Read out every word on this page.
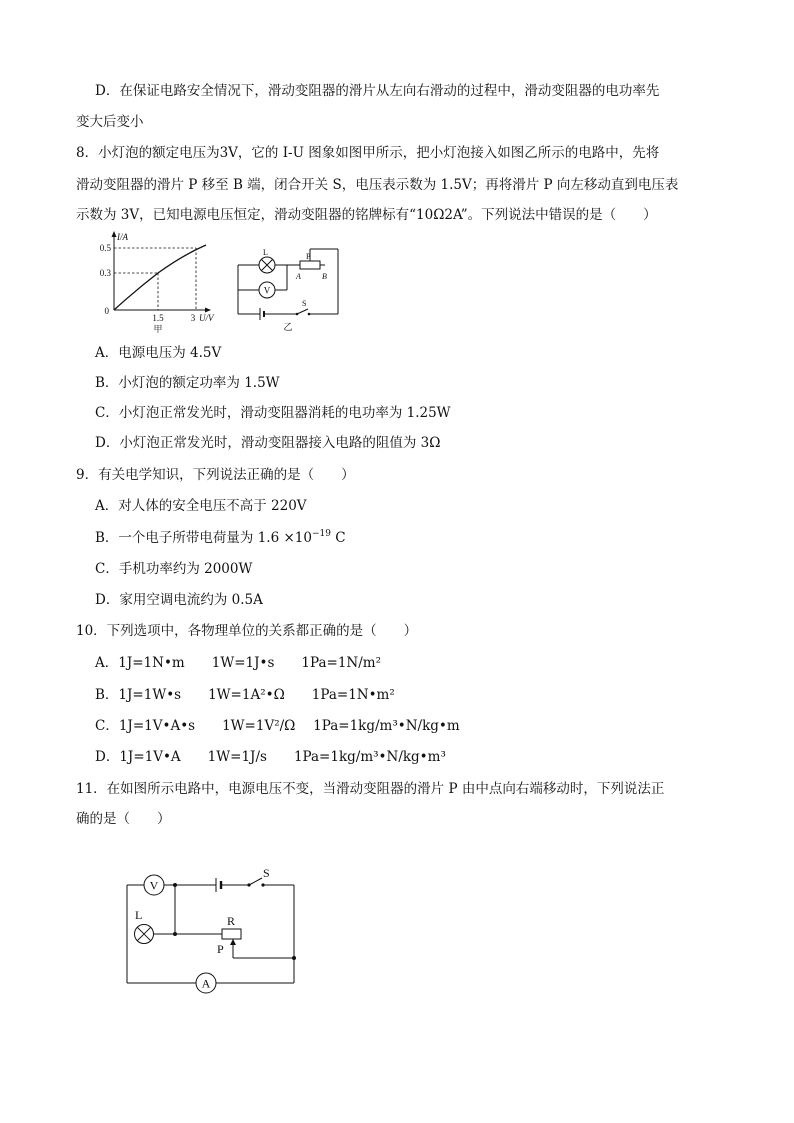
D．在保证电路安全情况下，滑动变阻器的滑片从左向右滑动的过程中，滑动变阻器的电功率先
变大后变小
8．小灯泡的额定电压为3V，它的 I-U 图象如图甲所示，把小灯泡接入如图乙所示的电路中，先将
滑动变阻器的滑片 P 移至 B 端，闭合开关 S，电压表示数为 1.5V；再将滑片 P 向左移动直到电压表
示数为 3V，已知电源电压恒定，滑动变阻器的铭牌标有“10Ω2A”。下列说法中错误的是（　　）
I/A
0.5
0.3
0
1.5	3 U/V
甲
L	P
A	B
V
S
乙
A．电源电压为 4.5V
B．小灯泡的额定功率为 1.5W
C．小灯泡正常发光时，滑动变阻器消耗的电功率为 1.25W
D．小灯泡正常发光时，滑动变阻器接入电路的阻值为 3Ω
9．有关电学知识，下列说法正确的是（　　）
A．对人体的安全电压不高于 220V
B．一个电子所带电荷量为 $1.6 \times 10^{-19}$ C
C．手机功率约为 2000W
D．家用空调电流约为 0.5A
10．下列选项中，各物理单位的关系都正确的是（　　）
A．1J=1N•m　　1W=1J•s　　1Pa=1N/m²
B．1J=1W•s　　1W=1A²•Ω　　1Pa=1N•m²
C．1J=1V•A•s　　1W=1V²/Ω　 1Pa=1kg/m³•N/kg•m
D．1J=1V•A　　1W=1J/s　　1Pa=1kg/m³•N/kg•m³
11．在如图所示电路中，电源电压不变，当滑动变阻器的滑片 P 由中点向右端移动时，下列说法正
确的是（　　）
V
S
L	R
P
A
